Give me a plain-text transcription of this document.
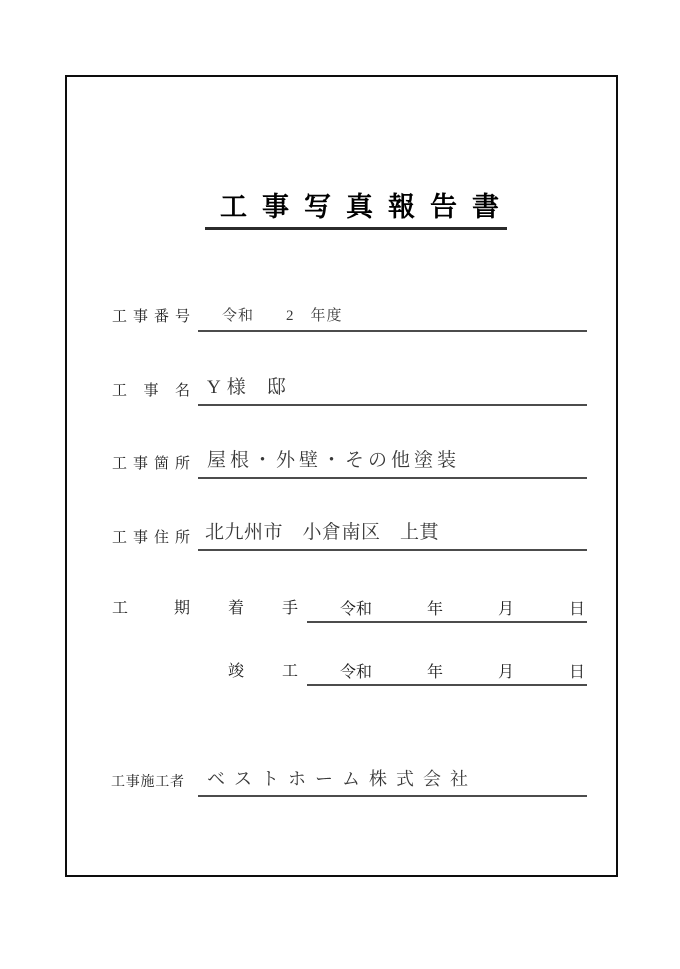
工事写真報告書
工事番号 令和　　2　年度
工事名 Y 様　邸
工事箇所 屋根・外壁・その他塗装
工事住所 北九州市　小倉南区　上貫
工期 着手	令和	年	月	日
竣工	令和	年	月	日
工事施工者 ベストホーム株式会社
